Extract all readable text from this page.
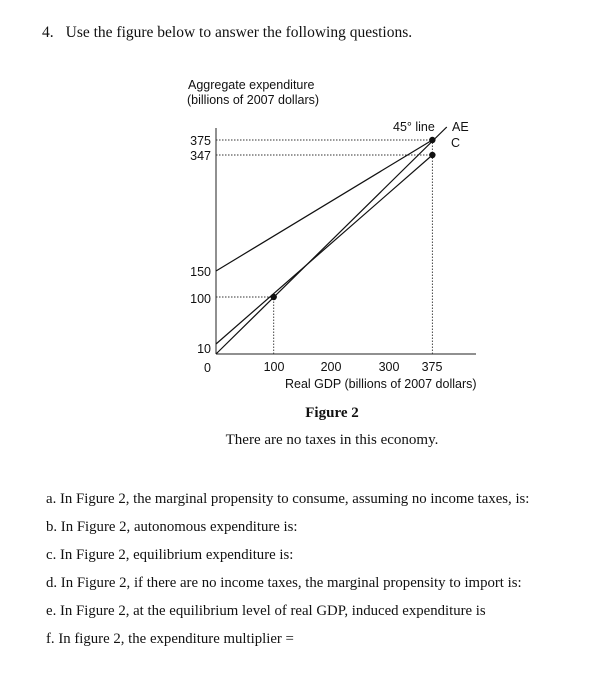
4. Use the figure below to answer the following questions.
Aggregate expenditure
(billions of 2007 dollars)
Real GDP (billions of 2007 dollars)
45° line AE
C
375
347
150
100
10
0	100	200	300 375
Figure 2
There are no taxes in this economy.
a. In Figure 2, the marginal propensity to consume, assuming no income taxes, is:
b. In Figure 2, autonomous expenditure is:
c. In Figure 2, equilibrium expenditure is:
d. In Figure 2, if there are no income taxes, the marginal propensity to import is:
e. In Figure 2, at the equilibrium level of real GDP, induced expenditure is
f. In figure 2, the expenditure multiplier =
